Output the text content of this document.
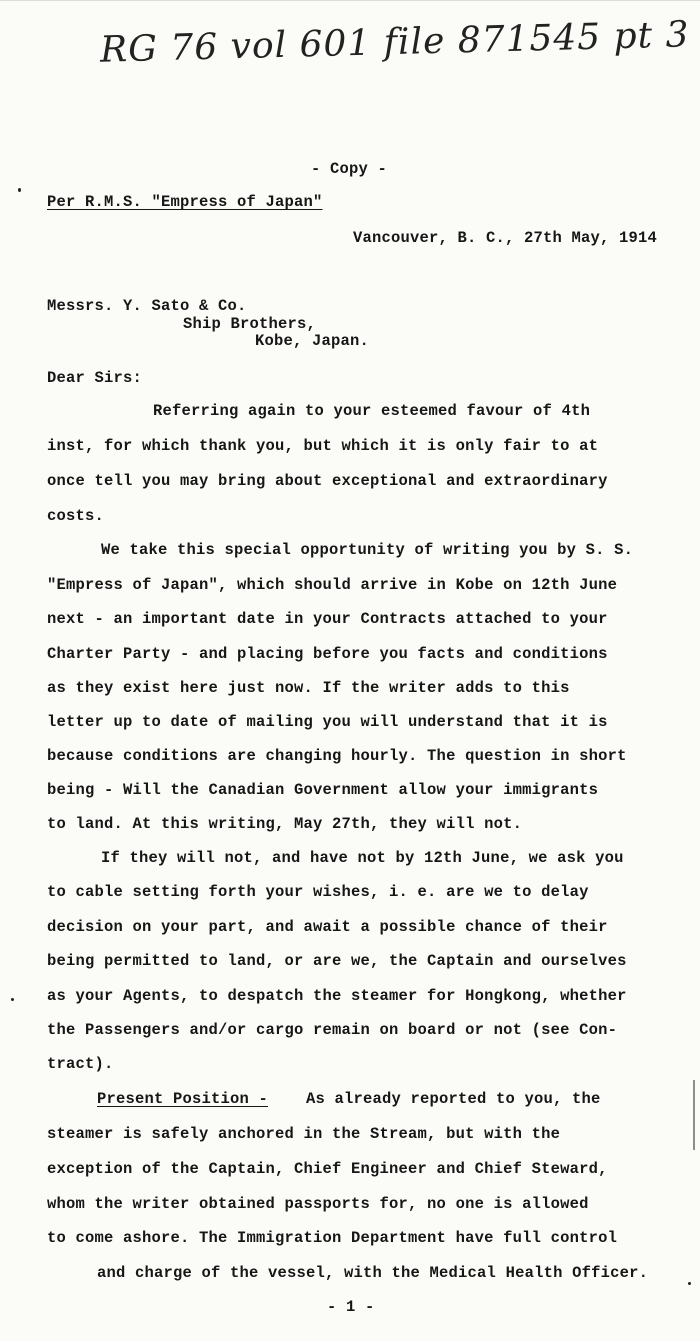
RG 76 vol 601 file 871545 pt 3
- Copy -
Per R.M.S. "Empress of Japan"
Vancouver, B. C., 27th May, 1914
Messrs. Y. Sato & Co.
Ship Brothers,
Kobe, Japan.
Dear Sirs:
Referring again to your esteemed favour of 4th
inst, for which thank you, but which it is only fair to at
once tell you may bring about exceptional and extraordinary
costs.
We take this special opportunity of writing you by S. S.
"Empress of Japan", which should arrive in Kobe on 12th June
next - an important date in your Contracts attached to your
Charter Party - and placing before you facts and conditions
as they exist here just now. If the writer adds to this
letter up to date of mailing you will understand that it is
because conditions are changing hourly. The question in short
being - Will the Canadian Government allow your immigrants
to land. At this writing, May 27th, they will not.
If they will not, and have not by 12th June, we ask you
to cable setting forth your wishes, i. e. are we to delay
decision on your part, and await a possible chance of their
being permitted to land, or are we, the Captain and ourselves
as your Agents, to despatch the steamer for Hongkong, whether
the Passengers and/or cargo remain on board or not (see Con-
tract).
Present Position - As already reported to you, the
steamer is safely anchored in the Stream, but with the
exception of the Captain, Chief Engineer and Chief Steward,
whom the writer obtained passports for, no one is allowed
to come ashore. The Immigration Department have full control
and charge of the vessel, with the Medical Health Officer.
- 1 -
